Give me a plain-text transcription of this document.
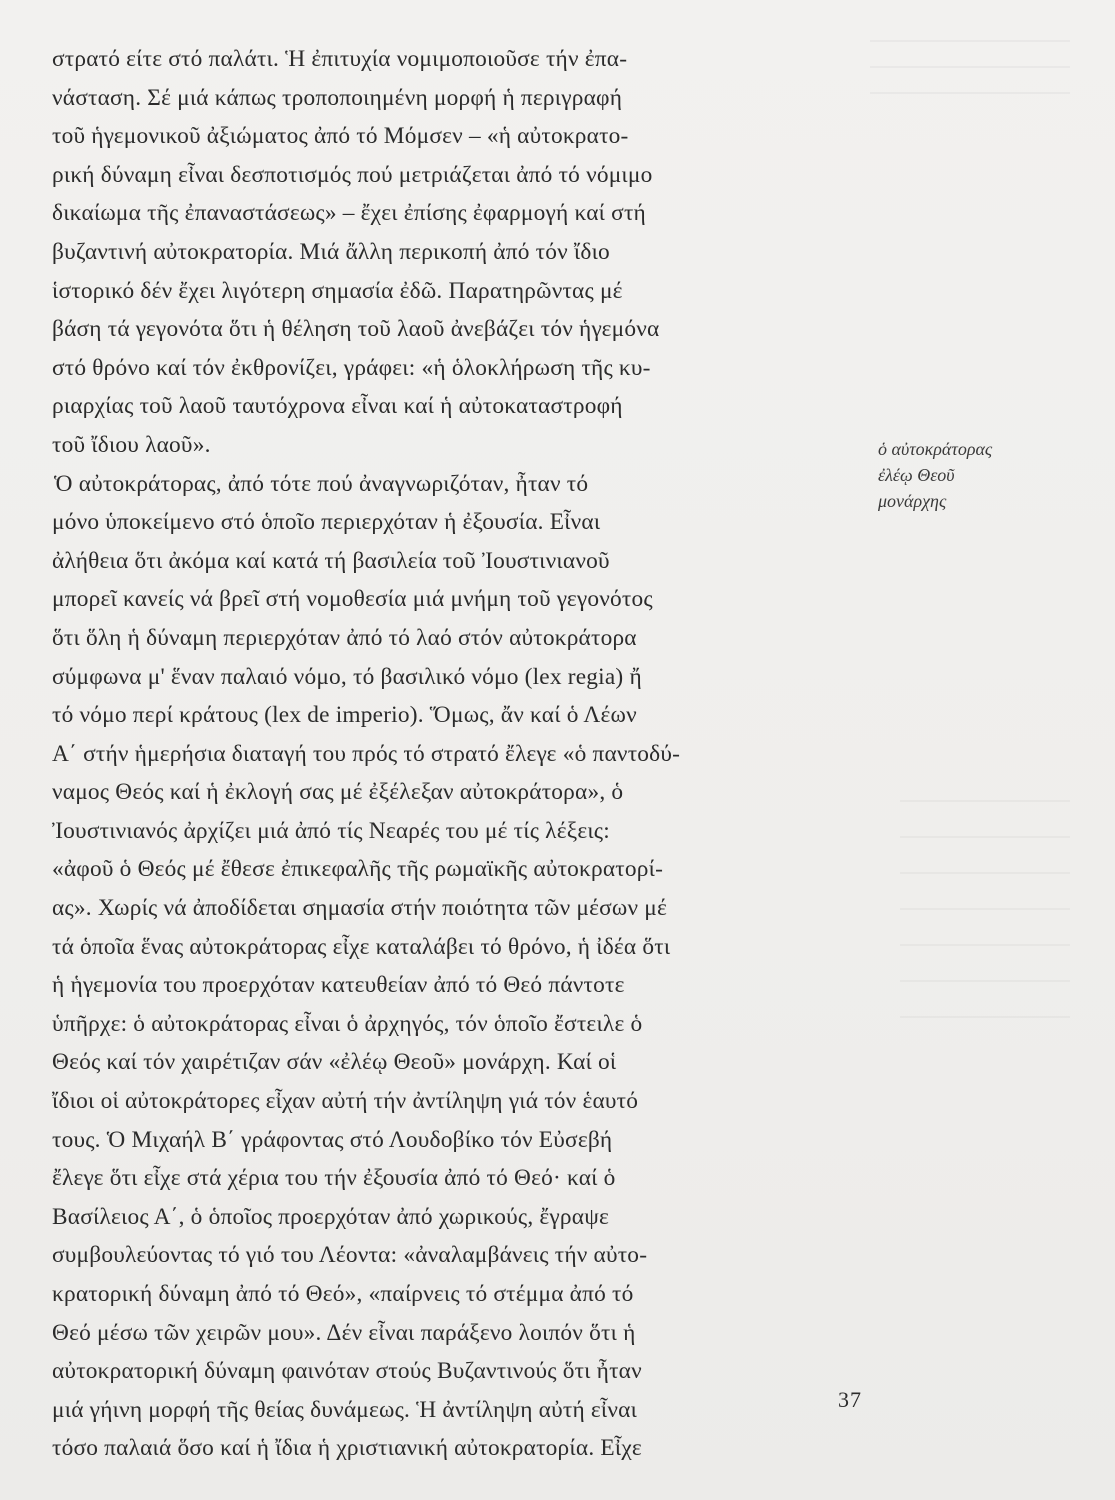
στρατό είτε στό παλάτι. Ἡ ἐπιτυχία νομιμοποιοῦσε τήν ἐπα-
νάσταση. Σέ μιά κάπως τροποποιημένη μορφή ἡ περιγραφή
τοῦ ἡγεμονικοῦ ἀξιώματος ἀπό τό Μόμσεν – «ἡ αὐτοκρατο-
ρική δύναμη εἶναι δεσποτισμός πού μετριάζεται ἀπό τό νόμιμο
δικαίωμα τῆς ἐπαναστάσεως» – ἔχει ἐπίσης ἐφαρμογή καί στή
βυζαντινή αὐτοκρατορία. Μιά ἄλλη περικοπή ἀπό τόν ἴδιο
ἱστορικό δέν ἔχει λιγότερη σημασία ἐδῶ. Παρατηρῶντας μέ
βάση τά γεγονότα ὅτι ἡ θέληση τοῦ λαοῦ ἀνεβάζει τόν ἡγεμόνα
στό θρόνο καί τόν ἐκθρονίζει, γράφει: «ἡ ὁλοκλήρωση τῆς κυ-
ριαρχίας τοῦ λαοῦ ταυτόχρονα εἶναι καί ἡ αὐτοκαταστροφή
τοῦ ἴδιου λαοῦ».
Ὁ αὐτοκράτορας, ἀπό τότε πού ἀναγνωριζόταν, ἦταν τό
μόνο ὑποκείμενο στό ὁποῖο περιερχόταν ἡ ἐξουσία. Εἶναι
ἀλήθεια ὅτι ἀκόμα καί κατά τή βασιλεία τοῦ Ἰουστινιανοῦ
μπορεῖ κανείς νά βρεῖ στή νομοθεσία μιά μνήμη τοῦ γεγονότος
ὅτι ὅλη ἡ δύναμη περιερχόταν ἀπό τό λαό στόν αὐτοκράτορα
σύμφωνα μ' ἕναν παλαιό νόμο, τό βασιλικό νόμο (lex regia) ἤ
τό νόμο περί κράτους (lex de imperio). Ὅμως, ἄν καί ὁ Λέων
Α΄ στήν ἡμερήσια διαταγή του πρός τό στρατό ἔλεγε «ὁ παντοδύ-
ναμος Θεός καί ἡ ἐκλογή σας μέ ἐξέλεξαν αὐτοκράτορα», ὁ
Ἰουστινιανός ἀρχίζει μιά ἀπό τίς Νεαρές του μέ τίς λέξεις:
«ἀφοῦ ὁ Θεός μέ ἔθεσε ἐπικεφαλῆς τῆς ρωμαϊκῆς αὐτοκρατορί-
ας». Χωρίς νά ἀποδίδεται σημασία στήν ποιότητα τῶν μέσων μέ
τά ὁποῖα ἕνας αὐτοκράτορας εἶχε καταλάβει τό θρόνο, ἡ ἰδέα ὅτι
ἡ ἡγεμονία του προερχόταν κατευθείαν ἀπό τό Θεό πάντοτε
ὑπῆρχε: ὁ αὐτοκράτορας εἶναι ὁ ἀρχηγός, τόν ὁποῖο ἔστειλε ὁ
Θεός καί τόν χαιρέτιζαν σάν «ἐλέῳ Θεοῦ» μονάρχη. Καί οἱ
ἴδιοι οἱ αὐτοκράτορες εἶχαν αὐτή τήν ἀντίληψη γιά τόν ἑαυτό
τους. Ὁ Μιχαήλ Β΄ γράφοντας στό Λουδοβίκο τόν Εὐσεβή
ἔλεγε ὅτι εἶχε στά χέρια του τήν ἐξουσία ἀπό τό Θεό· καί ὁ
Βασίλειος Α΄, ὁ ὁποῖος προερχόταν ἀπό χωρικούς, ἔγραψε
συμβουλεύοντας τό γιό του Λέοντα: «ἀναλαμβάνεις τήν αὐτο-
κρατορική δύναμη ἀπό τό Θεό», «παίρνεις τό στέμμα ἀπό τό
Θεό μέσω τῶν χειρῶν μου». Δέν εἶναι παράξενο λοιπόν ὅτι ἡ
αὐτοκρατορική δύναμη φαινόταν στούς Βυζαντινούς ὅτι ἦταν
μιά γήινη μορφή τῆς θείας δυνάμεως. Ἡ ἀντίληψη αὐτή εἶναι
τόσο παλαιά ὅσο καί ἡ ἴδια ἡ χριστιανική αὐτοκρατορία. Εἶχε
ὁ αὐτοκράτορας
ἐλέῳ Θεοῦ
μονάρχης
37
